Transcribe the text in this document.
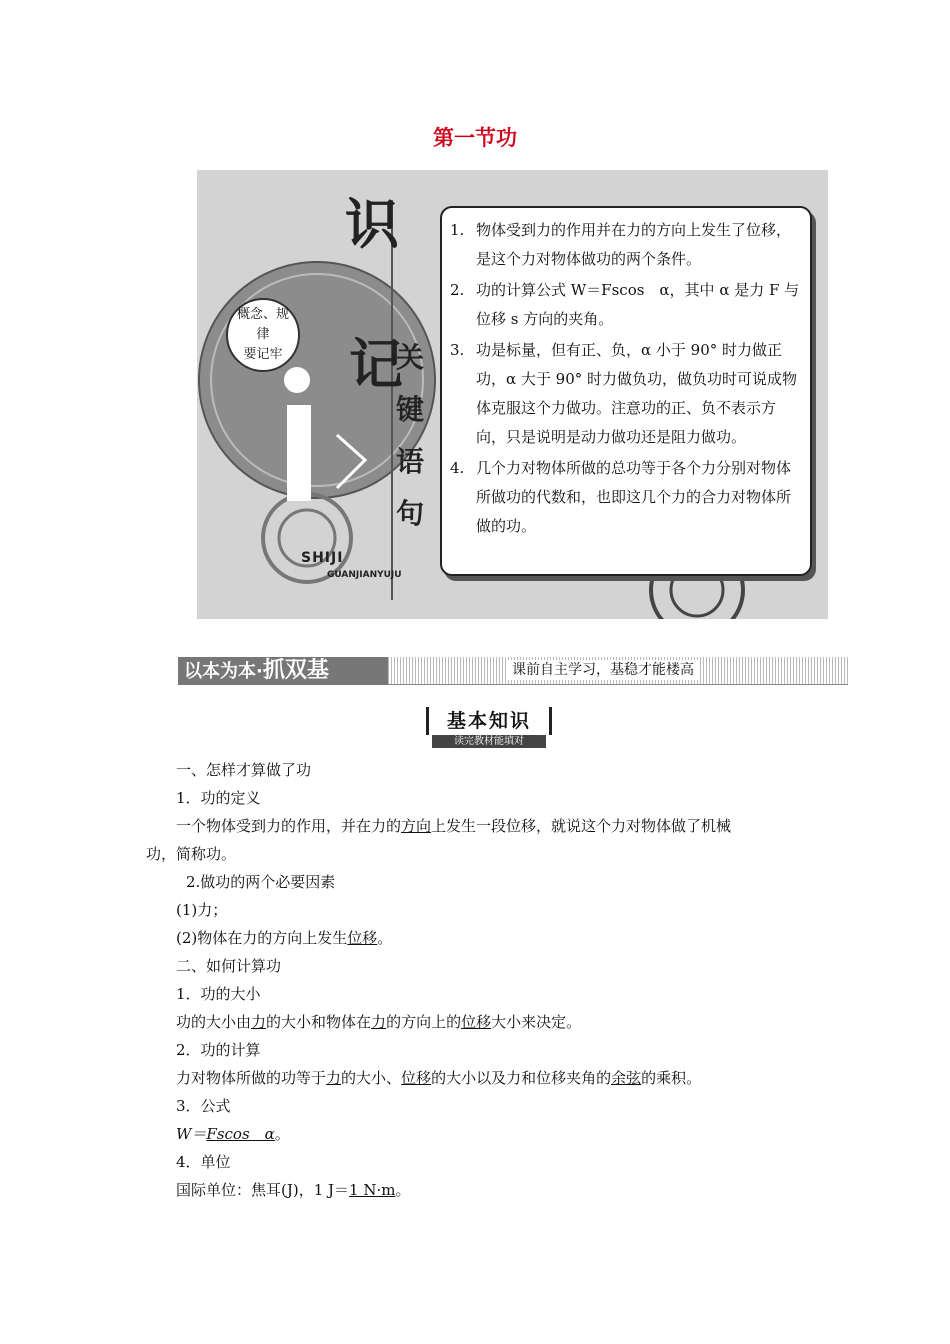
第一节功
概念、规律
要记牢
识
记
关
键
语
句
SHIJI
GUANJIANYUJU
1. 物体受到力的作用并在力的方向上发生了位移，是这个力对物体做功的两个条件。
2. 功的计算公式 W＝Fscos　α，其中 α 是力 F 与位移 s 方向的夹角。
3. 功是标量，但有正、负，α 小于 90° 时力做正功，α 大于 90° 时力做负功，做负功时可说成物体克服这个力做功。注意功的正、负不表示方向，只是说明是动力做功还是阻力做功。
4. 几个力对物体所做的总功等于各个力分别对物体所做功的代数和，也即这几个力的合力对物体所做的功。
以本为本·抓双基	课前自主学习，基稳才能楼高
基本知识
读完教材能填对
一、怎样才算做了功
1．功的定义
一个物体受到力的作用，并在力的方向上发生一段位移，就说这个力对物体做了机械
功，简称功。
2.做功的两个必要因素
(1)力；
(2)物体在力的方向上发生位移。
二、如何计算功
1．功的大小
功的大小由力的大小和物体在力的方向上的位移大小来决定。
2．功的计算
力对物体所做的功等于力的大小、位移的大小以及力和位移夹角的余弦的乘积。
3．公式
W＝Fscos　α。
4．单位
国际单位：焦耳(J)，1 J＝1 N·m。
